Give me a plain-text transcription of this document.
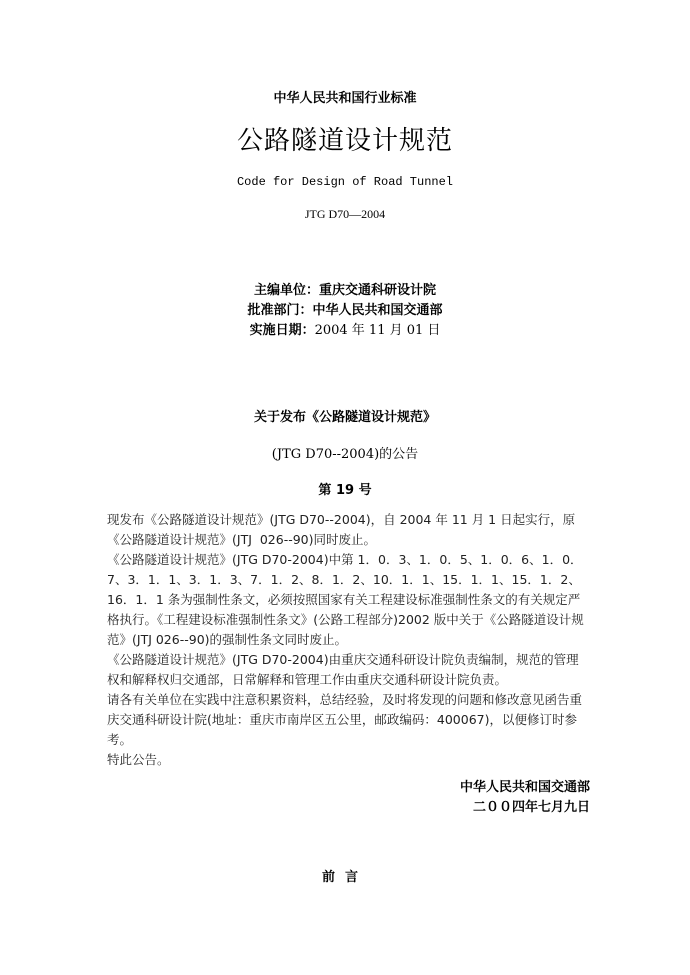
中华人民共和国行业标准
公路隧道设计规范
Code for Design of Road Tunnel
JTG D70—2004
主编单位：重庆交通科研设计院
批准部门：中华人民共和国交通部
实施日期：2004 年 11 月 01 日
关于发布《公路隧道设计规范》
(JTG D70--2004)的公告
第 19 号

现发布《公路隧道设计规范》(JTG D70--2004)，自 2004 年 11 月 1 日起实行，原《公路隧道设计规范》(JTJ  026--90)同时废止。

《公路隧道设计规范》(JTG D70-2004)中第 1．0．3、1．0．5、1．0．6、1．0．7、3．1．1、3．1．3、7．1．2、8．1．2、10．1．1、15．1．1、15．1．2、16．1．1 条为强制性条文，必须按照国家有关工程建设标准强制性条文的有关规定严格执行。《工程建设标准强制性条文》(公路工程部分)2002 版中关于《公路隧道设计规范》(JTJ 026--90)的强制性条文同时废止。

《公路隧道设计规范》(JTG D70-2004)由重庆交通科研设计院负责编制，规范的管理权和解释权归交通部，日常解释和管理工作由重庆交通科研设计院负责。

请各有关单位在实践中注意积累资料，总结经验，及时将发现的问题和修改意见函告重庆交通科研设计院(地址：重庆市南岸区五公里，邮政编码：400067)，以便修订时参考。

特此公告。

中华人民共和国交通部
二００四年七月九日
前言
